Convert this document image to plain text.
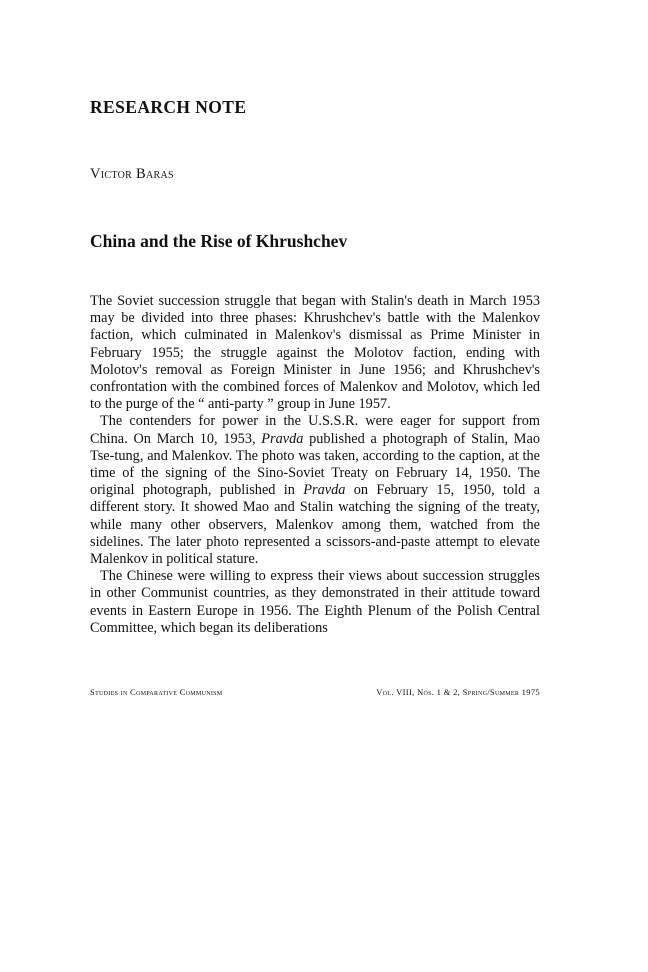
RESEARCH NOTE
Victor Baras
China and the Rise of Khrushchev

The Soviet succession struggle that began with Stalin's death in March 1953 may be divided into three phases: Khrushchev's battle with the Malenkov faction, which culminated in Malenkov's dismissal as Prime Minister in February 1955; the struggle against the Molotov faction, ending with Molotov's removal as Foreign Minister in June 1956; and Khrushchev's confrontation with the combined forces of Malenkov and Molotov, which led to the purge of the “ anti-party ” group in June 1957.

The contenders for power in the U.S.S.R. were eager for support from China. On March 10, 1953, Pravda published a photograph of Stalin, Mao Tse-tung, and Malenkov. The photo was taken, according to the caption, at the time of the signing of the Sino-Soviet Treaty on February 14, 1950. The original photograph, published in Pravda on February 15, 1950, told a different story. It showed Mao and Stalin watching the signing of the treaty, while many other observers, Malenkov among them, watched from the sidelines. The later photo represented a scissors-and-paste attempt to elevate Malenkov in political stature.

The Chinese were willing to express their views about succession struggles in other Communist countries, as they demonstrated in their attitude toward events in Eastern Europe in 1956. The Eighth Plenum of the Polish Central Committee, which began its deliberations

Studies in Comparative Communism	Vol. VIII, Nos. 1 & 2, Spring/Summer 1975
